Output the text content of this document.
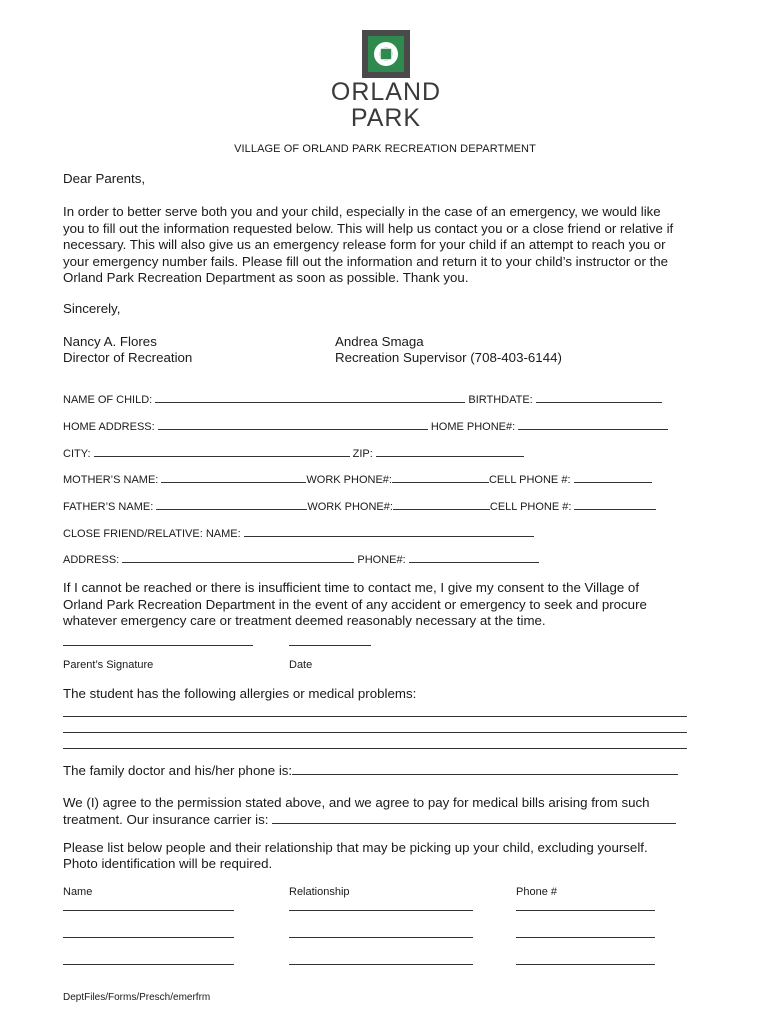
ORLAND
PARK
VILLAGE OF ORLAND PARK RECREATION DEPARTMENT
Dear Parents,
In order to better serve both you and your child, especially in the case of an emergency, we would like
you to fill out the information requested below. This will help us contact you or a close friend or relative if
necessary. This will also give us an emergency release form for your child if an attempt to reach you or
your emergency number fails. Please fill out the information and return it to your child’s instructor or the
Orland Park Recreation Department as soon as possible. Thank you.
Sincerely,
Nancy A. Flores
Director of Recreation
Andrea Smaga
Recreation Supervisor (708-403-6144)
NAME OF CHILD:	BIRTHDATE:
HOME ADDRESS:	HOME PHONE#:
CITY:	ZIP:
MOTHER’S NAME:	WORK PHONE#:	CELL PHONE #:
FATHER’S NAME:	WORK PHONE#:	CELL PHONE #:
CLOSE FRIEND/RELATIVE: NAME:
ADDRESS:	PHONE#:
If I cannot be reached or there is insufficient time to contact me, I give my consent to the Village of
Orland Park Recreation Department in the event of any accident or emergency to seek and procure
whatever emergency care or treatment deemed reasonably necessary at the time.
Parent’s Signature	Date
The student has the following allergies or medical problems:
The family doctor and his/her phone is:
We (I) agree to the permission stated above, and we agree to pay for medical bills arising from such
treatment. Our insurance carrier is:
Please list below people and their relationship that may be picking up your child, excluding yourself.
Photo identification will be required.
Name	Relationship	Phone #
DeptFiles/Forms/Presch/emerfrm
